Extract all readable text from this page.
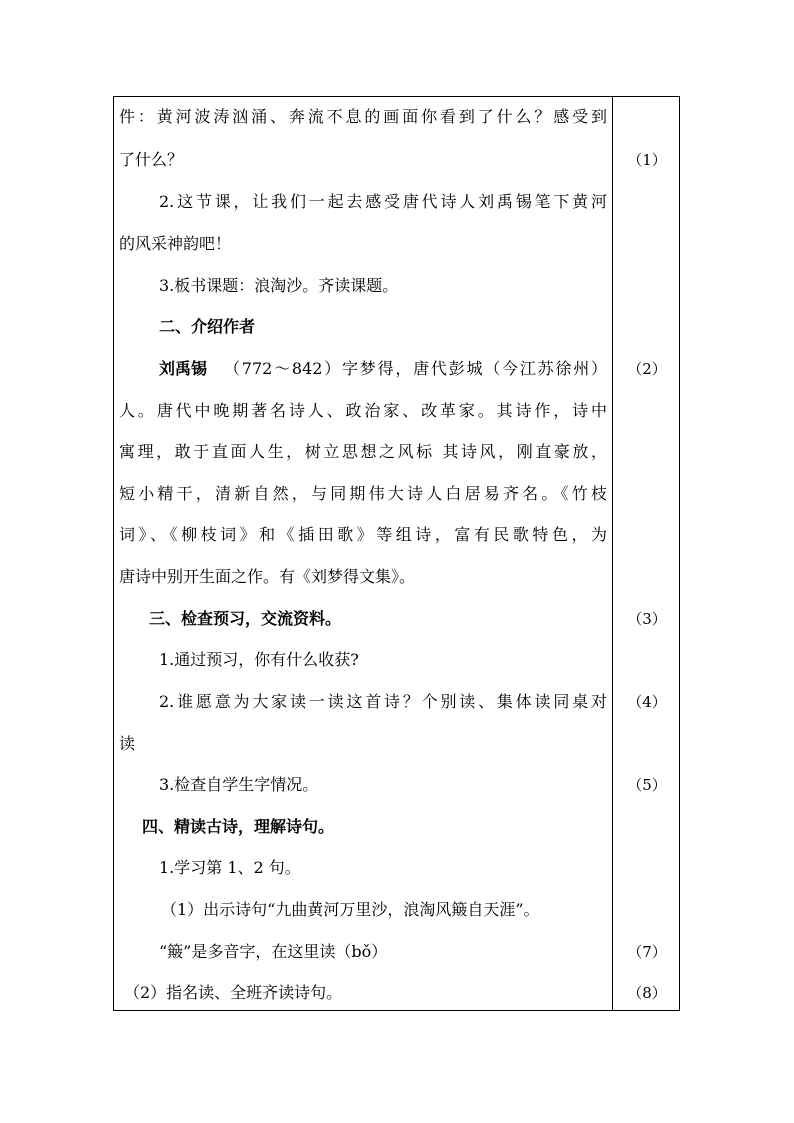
件：黄河波涛汹涌、奔流不息的画面你看到了什么？感受到
了什么？
2.这节课，让我们一起去感受唐代诗人刘禹锡笔下黄河
的风采神韵吧！
3.板书课题：浪淘沙。齐读课题。
二、介绍作者
刘禹锡 （772～842）字梦得，唐代彭城（今江苏徐州）
人。唐代中晚期著名诗人、政治家、改革家。其诗作，诗中
寓理，敢于直面人生，树立思想之风标 其诗风，刚直豪放，
短小精干，清新自然，与同期伟大诗人白居易齐名。《竹枝
词》、《柳枝词》和《插田歌》等组诗，富有民歌特色，为
唐诗中别开生面之作。有《刘梦得文集》。
三、检查预习，交流资料。
1.通过预习，你有什么收获?
2.谁愿意为大家读一读这首诗？个别读、集体读同桌对
读
3.检查自学生字情况。
四、精读古诗，理解诗句。
1.学习第 1、2 句。
（1）出示诗句“九曲黄河万里沙，浪淘风簸自天涯”。
“簸”是多音字，在这里读（bǒ）
（2）指名读、全班齐读诗句。
（1）
（2）
（3）
（4）
（5）
（7）
（8）
